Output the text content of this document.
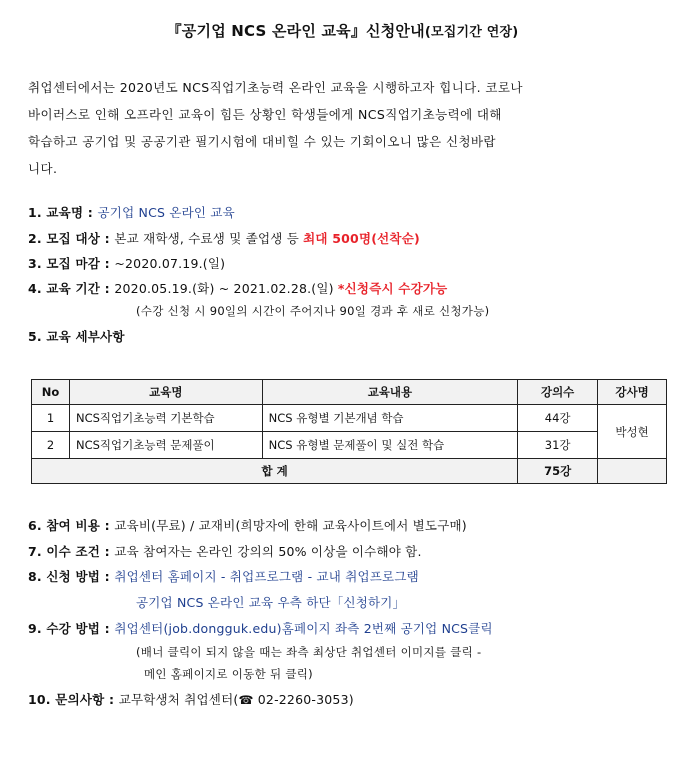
『공기업 NCS 온라인 교육』신청안내(모집기간 연장)
취업센터에서는 2020년도 NCS직업기초능력 온라인 교육을 시행하고자 힙니다. 코로나
바이러스로 인해 오프라인 교육이 힘든 상황인 학생들에게 NCS직업기초능력에 대해
학습하고 공기업 및 공공기관 필기시험에 대비힐 수 있는 기회이오니 많은 신청바랍
니다.
1. 교육명 : 공기업 NCS 온라인 교육
2. 모집 대상 : 본교 재학생, 수료생 및 졸업생 등 최대 500명(선착순)
3. 모집 마감 : ~2020.07.19.(일)
4. 교육 기간 : 2020.05.19.(화) ~ 2021.02.28.(일) *신청즉시 수강가능
(수강 신청 시 90일의 시간이 주어지나 90일 경과 후 새로 신청가능)
5. 교육 세부사항
No	교육명	교육내용	강의수	강사명
1	NCS직업기초능력 기본학습	NCS 유형별 기본개념 학습	44강	박성현
2	NCS직업기초능력 문제풀이	NCS 유형별 문제풀이 및 실전 학습	31강	
합 계			75강	
6. 참여 비용 : 교육비(무료) / 교재비(희망자에 한해 교육사이트에서 별도구매)
7. 이수 조건 : 교육 참여자는 온라인 강의의 50% 이상을 이수해야 함.
8. 신청 방법 : 취업센터 홈페이지 - 취업프로그램 - 교내 취업프로그램
공기업 NCS 온라인 교육 우측 하단「신청하기」
9. 수강 방법 : 취업센터(job.dongguk.edu)홈페이지 좌측 2번째 공기업 NCS클릭
(배너 클릭이 되지 않을 때는 좌측 최상단 취업센터 이미지를 클릭 -
메인 홈페이지로 이동한 뒤 클릭)
10. 문의사항 : 교무학생처 취업센터(☎ 02-2260-3053)
